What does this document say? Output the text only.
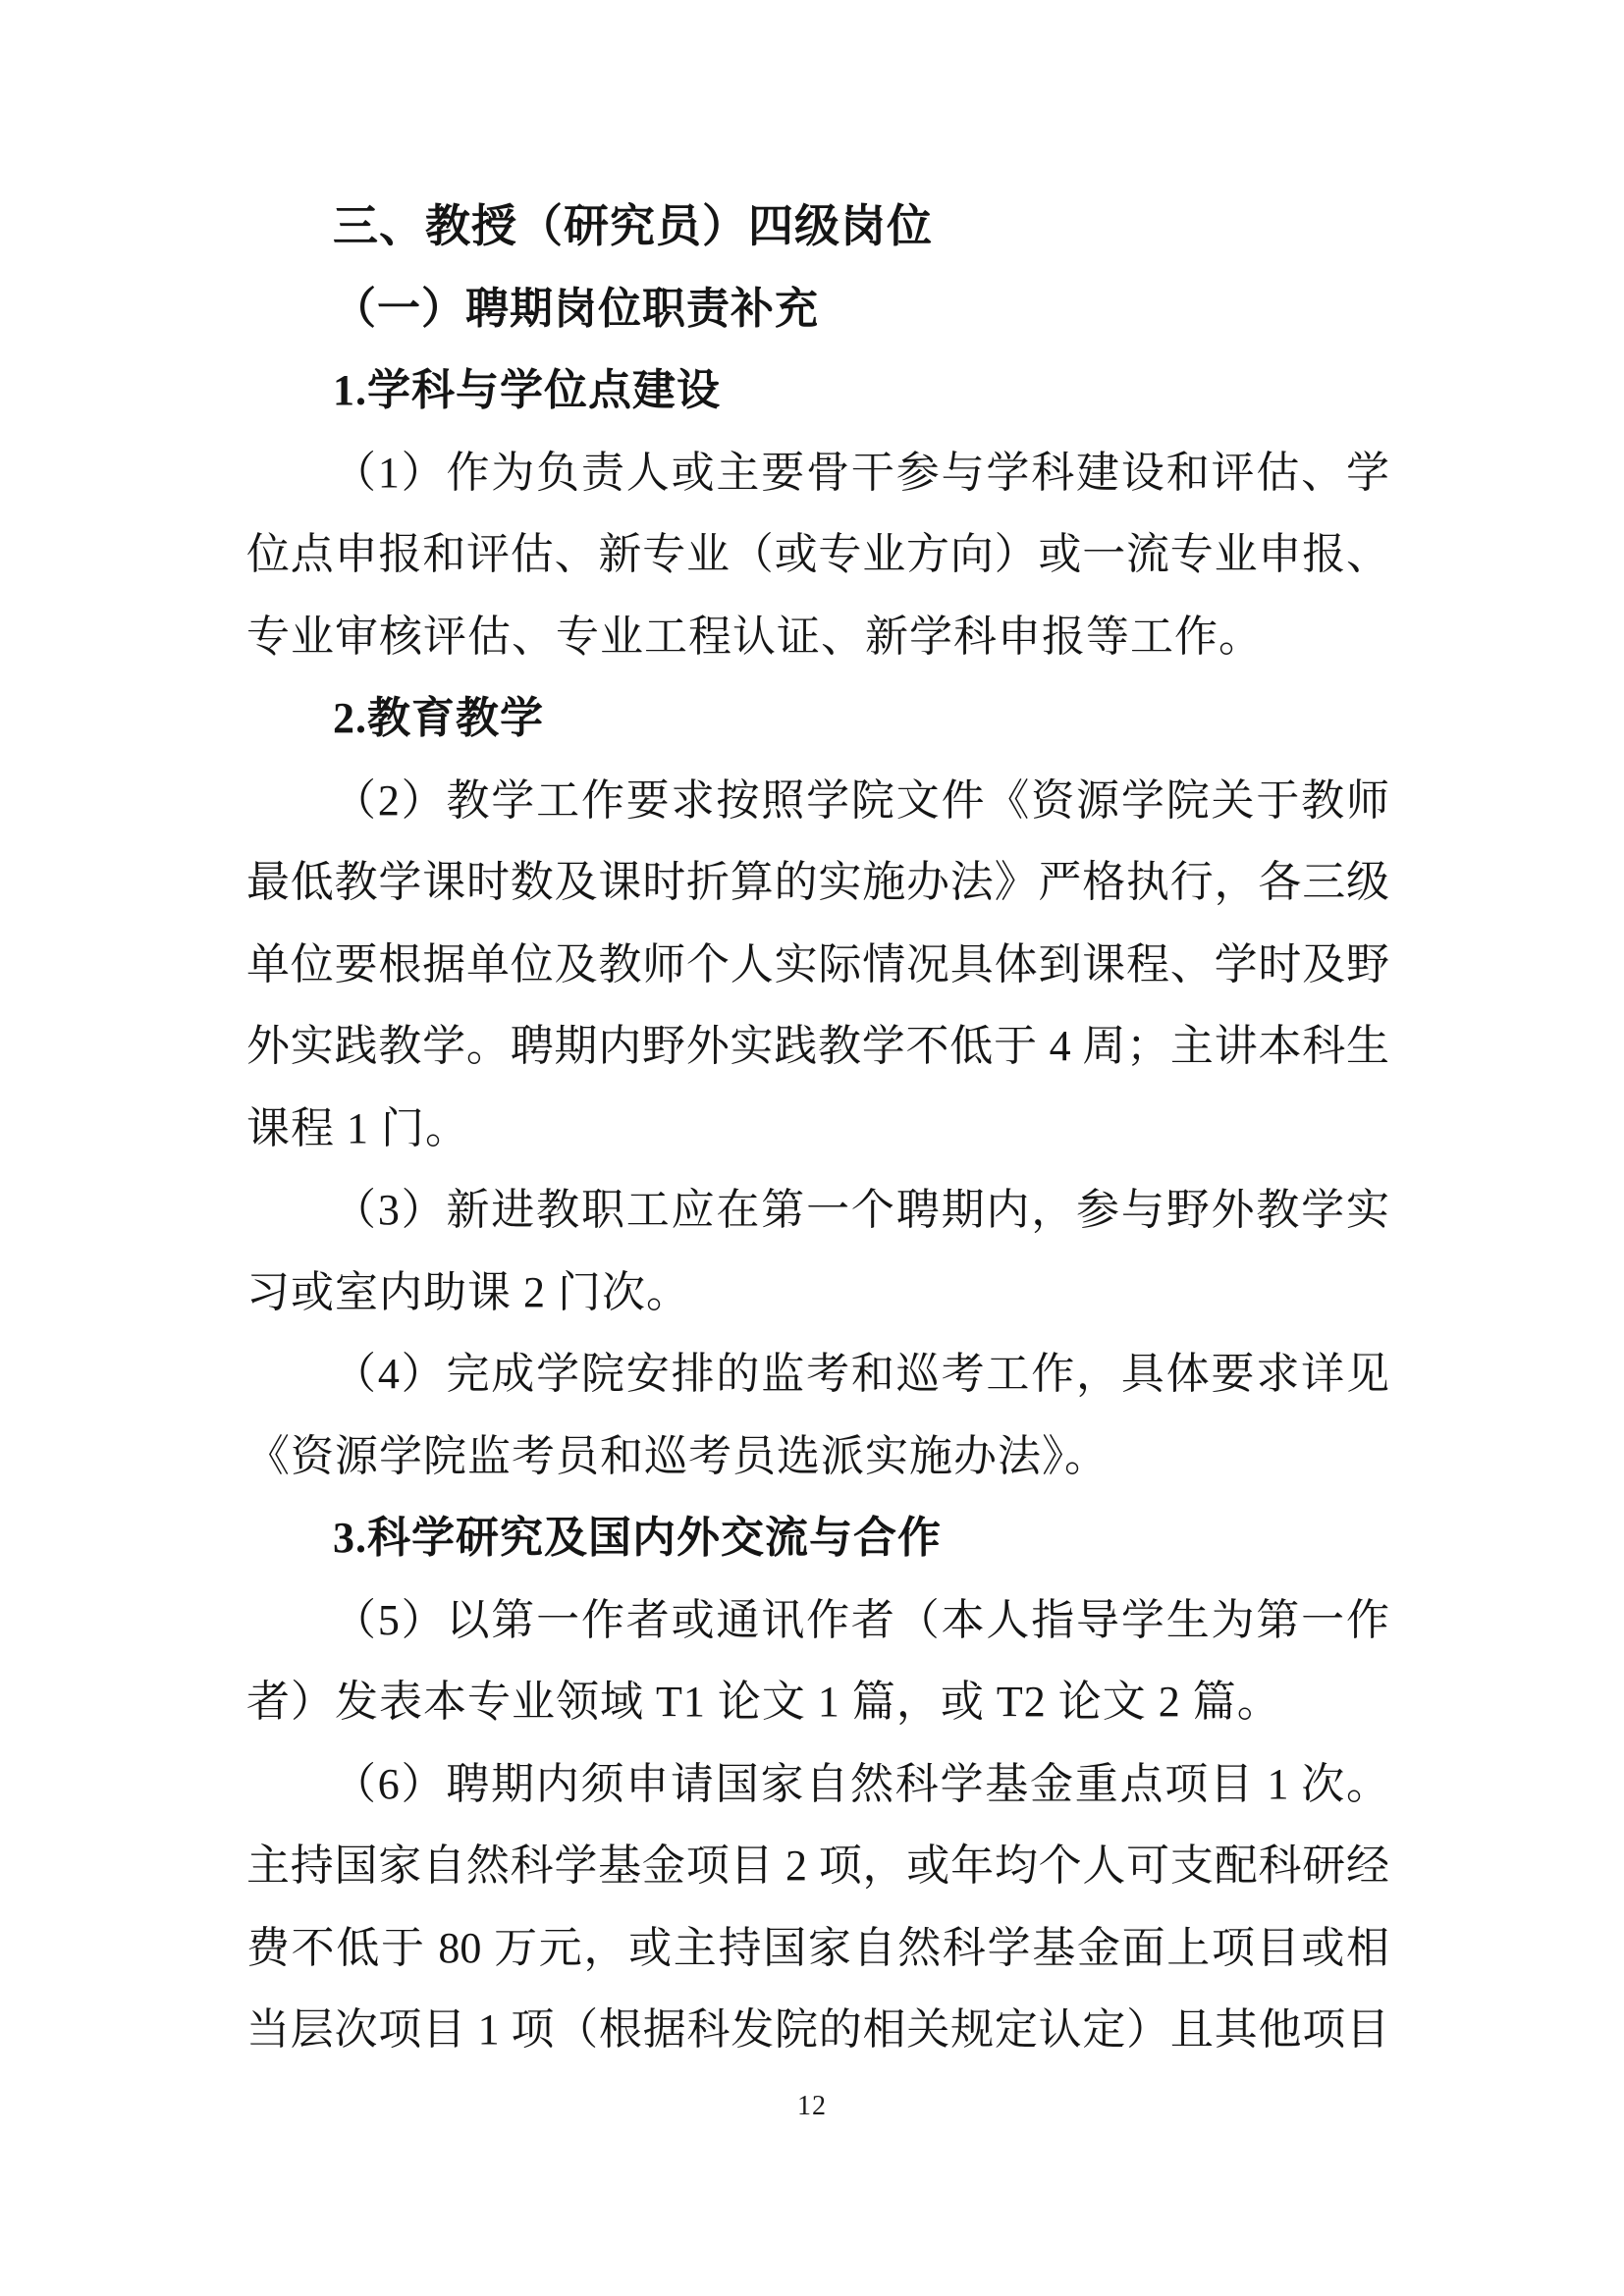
三、教授（研究员）四级岗位
（一）聘期岗位职责补充
1.学科与学位点建设
（1）作为负责人或主要骨干参与学科建设和评估、学
位点申报和评估、新专业（或专业方向）或一流专业申报、
专业审核评估、专业工程认证、新学科申报等工作。
2.教育教学
（2）教学工作要求按照学院文件《资源学院关于教师
最低教学课时数及课时折算的实施办法》严格执行，各三级
单位要根据单位及教师个人实际情况具体到课程、学时及野
外实践教学。聘期内野外实践教学不低于 4 周；主讲本科生
课程 1 门。
（3）新进教职工应在第一个聘期内，参与野外教学实
习或室内助课 2 门次。
（4）完成学院安排的监考和巡考工作，具体要求详见
《资源学院监考员和巡考员选派实施办法》。
3.科学研究及国内外交流与合作
（5）以第一作者或通讯作者（本人指导学生为第一作
者）发表本专业领域 T1 论文 1 篇，或 T2 论文 2 篇。
（6）聘期内须申请国家自然科学基金重点项目 1 次。
主持国家自然科学基金项目 2 项，或年均个人可支配科研经
费不低于 80 万元，或主持国家自然科学基金面上项目或相
当层次项目 1 项（根据科发院的相关规定认定）且其他项目
12
